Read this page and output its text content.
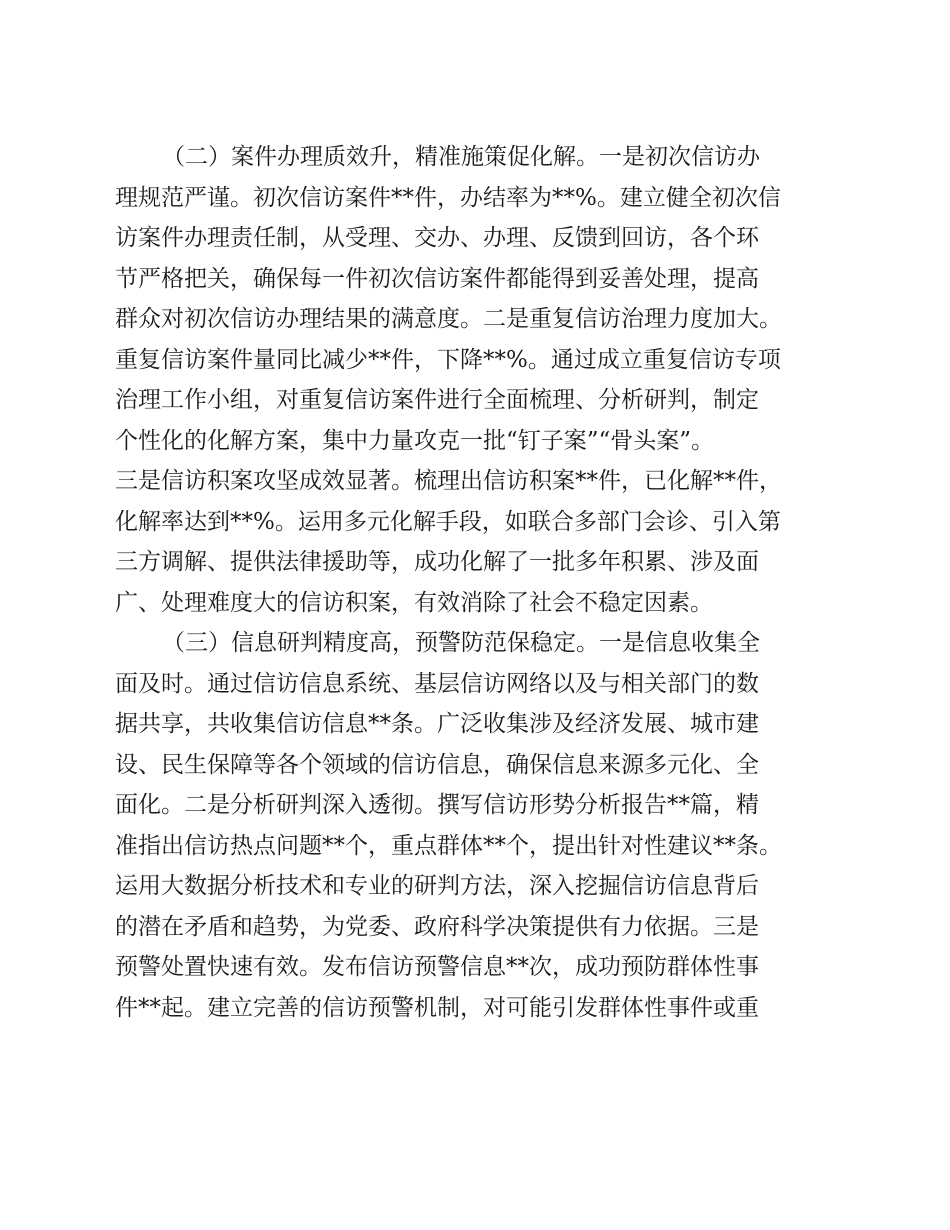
（二）案件办理质效升，精准施策促化解。一是初次信访办
理规范严谨。初次信访案件**件，办结率为**%。建立健全初次信
访案件办理责任制，从受理、交办、办理、反馈到回访，各个环
节严格把关，确保每一件初次信访案件都能得到妥善处理，提高
群众对初次信访办理结果的满意度。二是重复信访治理力度加大。
重复信访案件量同比减少**件，下降**%。通过成立重复信访专项
治理工作小组，对重复信访案件进行全面梳理、分析研判，制定
个性化的化解方案，集中力量攻克一批“钉子案”“骨头案”。
三是信访积案攻坚成效显著。梳理出信访积案**件，已化解**件，
化解率达到**%。运用多元化解手段，如联合多部门会诊、引入第
三方调解、提供法律援助等，成功化解了一批多年积累、涉及面
广、处理难度大的信访积案，有效消除了社会不稳定因素。
（三）信息研判精度高，预警防范保稳定。一是信息收集全
面及时。通过信访信息系统、基层信访网络以及与相关部门的数
据共享，共收集信访信息**条。广泛收集涉及经济发展、城市建
设、民生保障等各个领域的信访信息，确保信息来源多元化、全
面化。二是分析研判深入透彻。撰写信访形势分析报告**篇，精
准指出信访热点问题**个，重点群体**个，提出针对性建议**条。
运用大数据分析技术和专业的研判方法，深入挖掘信访信息背后
的潜在矛盾和趋势，为党委、政府科学决策提供有力依据。三是
预警处置快速有效。发布信访预警信息**次，成功预防群体性事
件**起。建立完善的信访预警机制，对可能引发群体性事件或重
